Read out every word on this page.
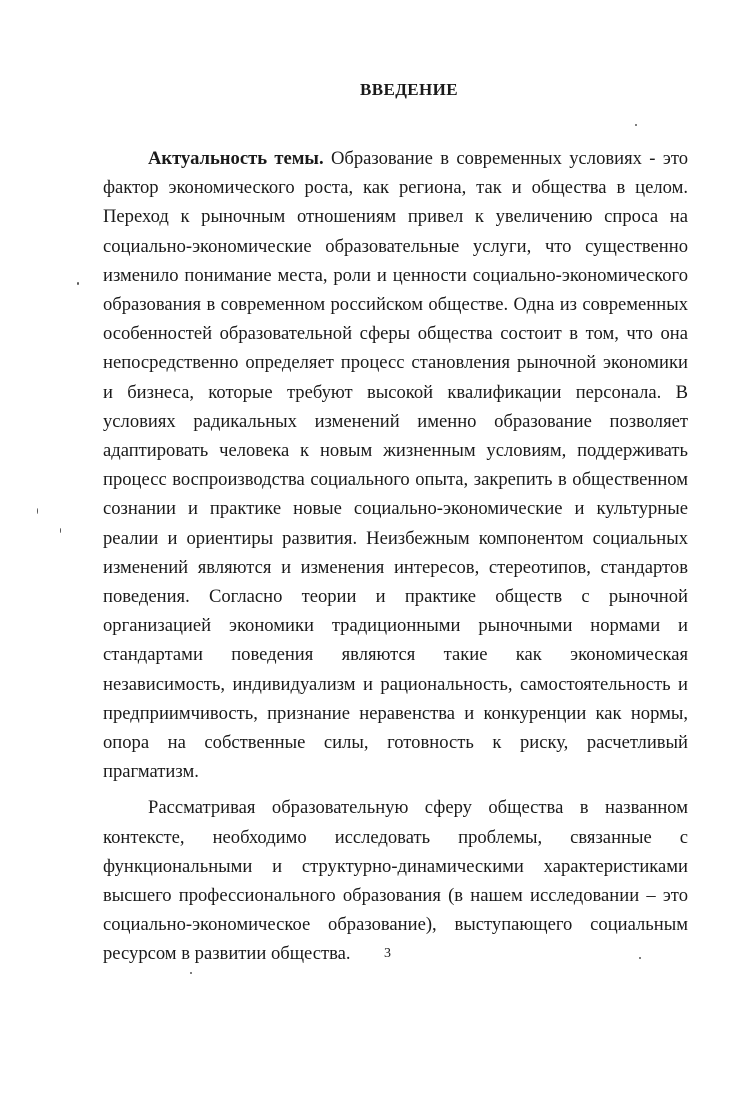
ВВЕДЕНИЕ

Актуальность темы. Образование в современных условиях - это фактор экономического роста, как региона, так и общества в целом. Переход к рыночным отношениям привел к увеличению спроса на социально-экономические образовательные услуги, что существенно изменило понимание места, роли и ценности социально-экономического образования в современном российском обществе. Одна из современных особенностей образовательной сферы общества состоит в том, что она непосредственно определяет процесс становления рыночной экономики и бизнеса, которые требуют высокой квалификации персонала. В условиях радикальных изменений именно образование позволяет адаптировать человека к новым жизненным условиям, поддерживать процесс воспроизводства социального опыта, закрепить в общественном сознании и практике новые социально-экономические и культурные реалии и ориентиры развития. Неизбежным компонентом социальных изменений являются и изменения интересов, стереотипов, стандартов поведения. Согласно теории и практике обществ с рыночной организацией экономики традиционными рыночными нормами и стандартами поведения являются такие как экономическая независимость, индивидуализм и рациональность, самостоятельность и предприимчивость, признание неравенства и конкуренции как нормы, опора на собственные силы, готовность к риску, расчетливый прагматизм.

Рассматривая образовательную сферу общества в названном контексте, необходимо исследовать проблемы, связанные с функциональными и структурно-динамическими характеристиками высшего профессионального образования (в нашем исследовании – это социально-экономическое образование), выступающего социальным ресурсом в развитии общества.	3
